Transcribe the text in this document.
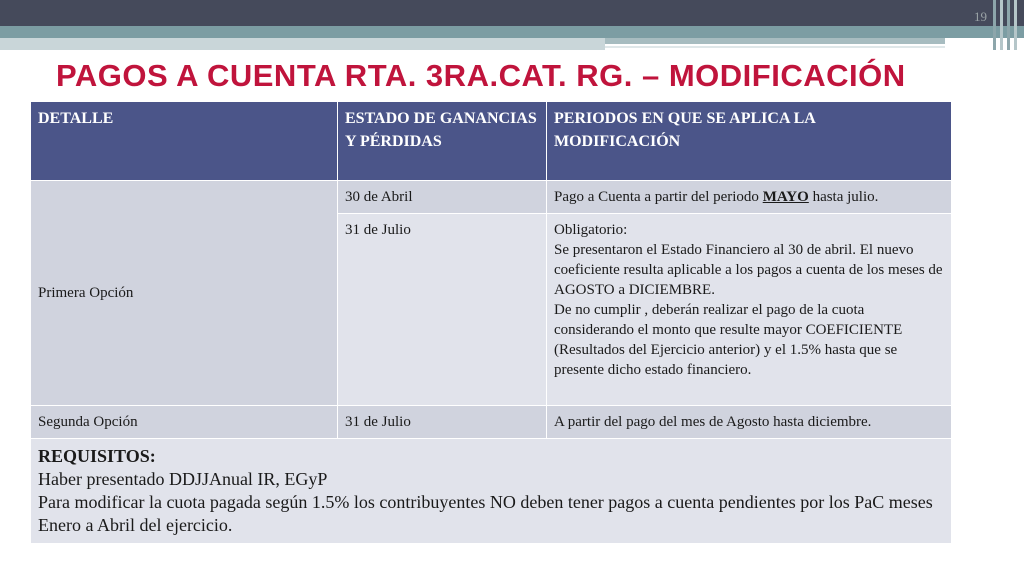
19
PAGOS A CUENTA RTA. 3RA.CAT. RG. – MODIFICACIÓN
DETALLE	ESTADO DE GANANCIAS Y PÉRDIDAS	PERIODOS EN QUE SE APLICA LA MODIFICACIÓN
Primera Opción	30 de Abril	Pago a Cuenta a partir del periodo MAYO hasta julio.
	31 de Julio	Obligatorio:
Se presentaron el Estado Financiero al 30 de abril. El nuevo coeficiente resulta aplicable a los pagos a cuenta de los meses de AGOSTO a DICIEMBRE.
De no cumplir , deberán realizar el pago de la cuota considerando el monto que resulte mayor COEFICIENTE (Resultados del Ejercicio anterior) y el 1.5% hasta que se presente dicho estado financiero.

Segunda Opción	31 de Julio	A partir del pago del mes de Agosto hasta diciembre.

REQUISITOS:
Haber presentado DDJJAnual IR, EGyP
Para modificar la cuota pagada según 1.5% los contribuyentes NO deben tener pagos a cuenta pendientes por los PaC meses Enero a Abril del ejercicio.		
